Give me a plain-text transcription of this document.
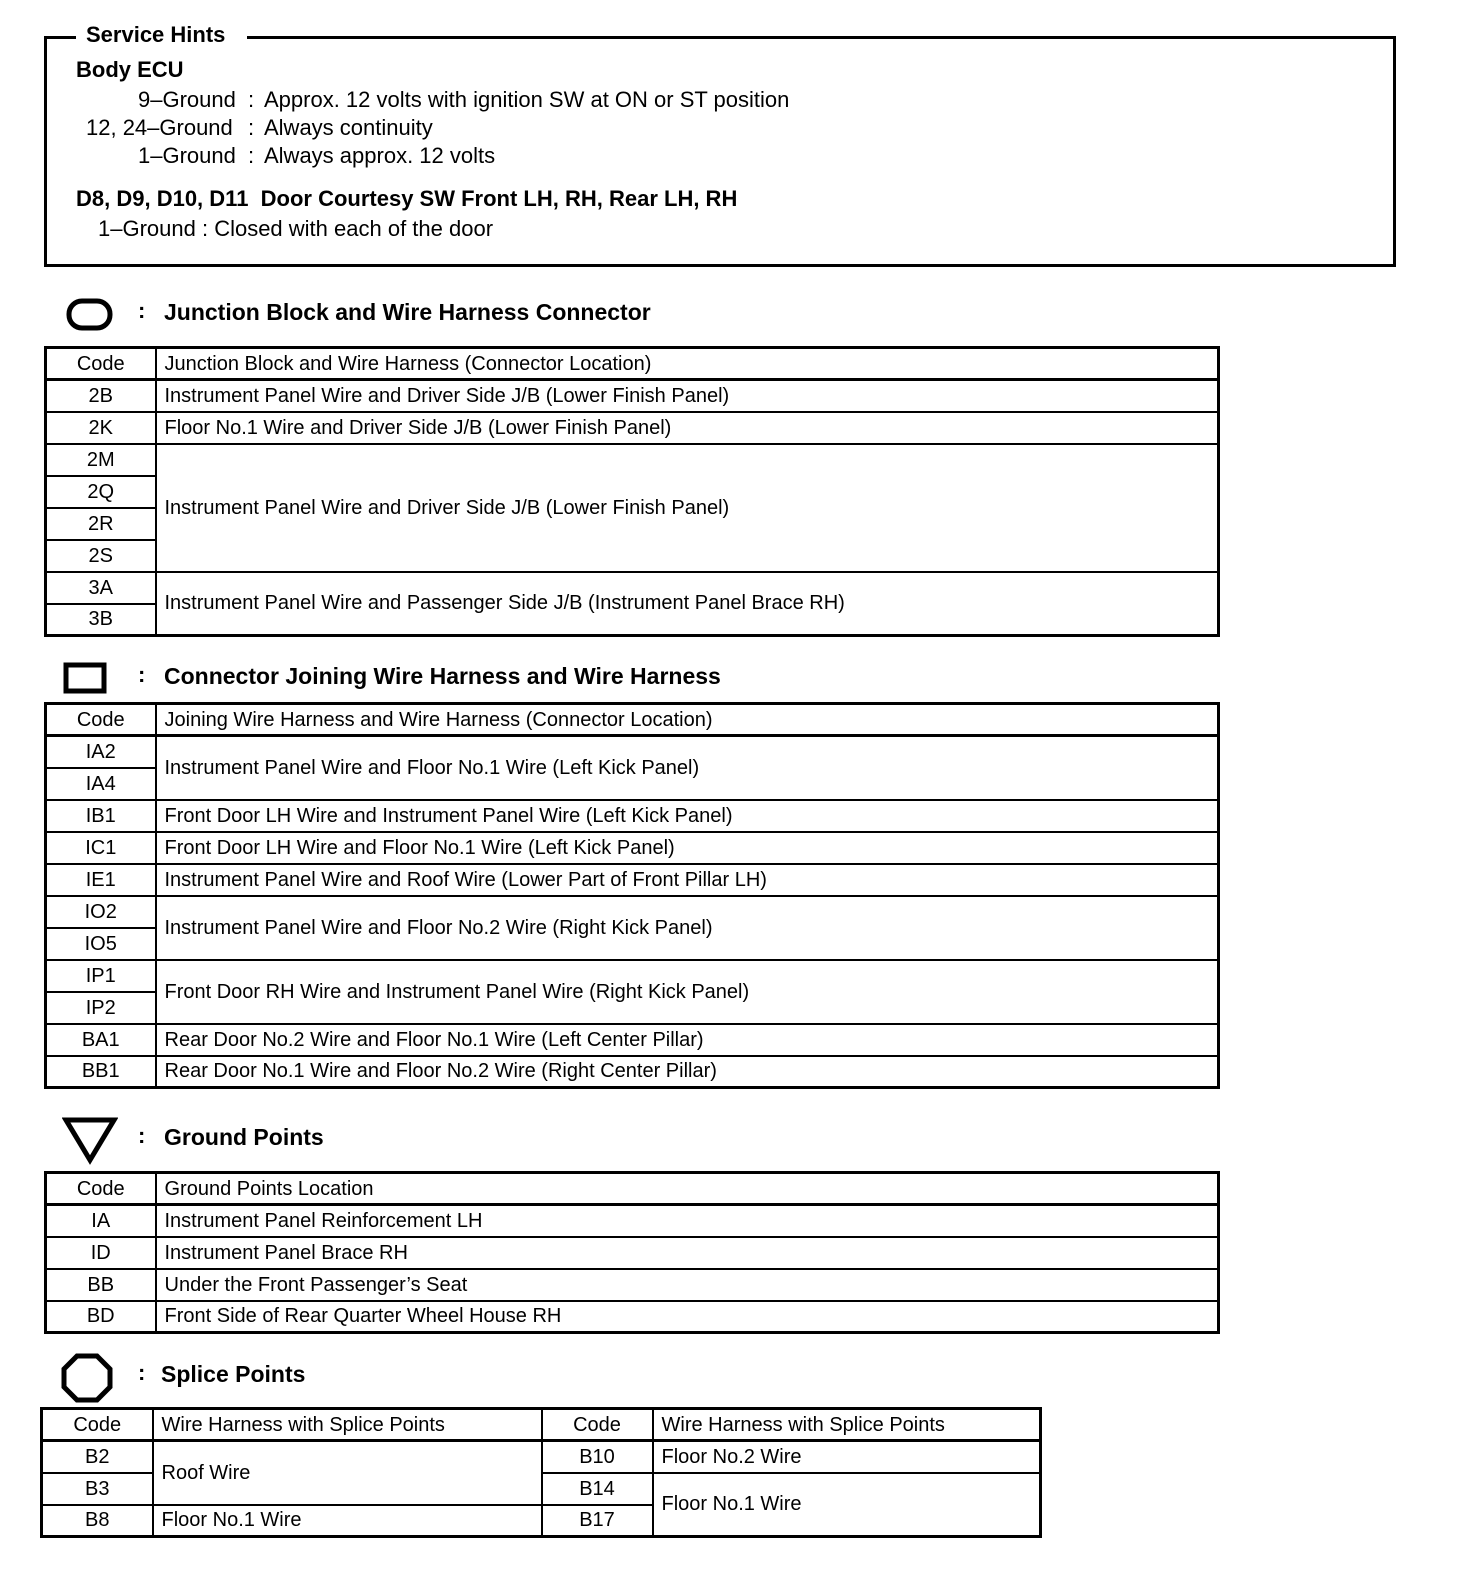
Service Hints
Body ECU
9–Ground : Approx. 12 volts with ignition SW at ON or ST position
12, 24–Ground : Always continuity
1–Ground : Always approx. 12 volts
D8, D9, D10, D11  Door Courtesy SW Front LH, RH, Rear LH, RH
1–Ground : Closed with each of the door
: Junction Block and Wire Harness Connector
Code	Junction Block and Wire Harness (Connector Location)
2B	Instrument Panel Wire and Driver Side J/B (Lower Finish Panel)
2K	Floor No.1 Wire and Driver Side J/B (Lower Finish Panel)
2M	Instrument Panel Wire and Driver Side J/B (Lower Finish Panel)
2Q	
2R	
2S	
3A	Instrument Panel Wire and Passenger Side J/B (Instrument Panel Brace RH)
3B	
: Connector Joining Wire Harness and Wire Harness
Code	Joining Wire Harness and Wire Harness (Connector Location)
IA2	Instrument Panel Wire and Floor No.1 Wire (Left Kick Panel)
IA4	
IB1	Front Door LH Wire and Instrument Panel Wire (Left Kick Panel)
IC1	Front Door LH Wire and Floor No.1 Wire (Left Kick Panel)
IE1	Instrument Panel Wire and Roof Wire (Lower Part of Front Pillar LH)
IO2	Instrument Panel Wire and Floor No.2 Wire (Right Kick Panel)
IO5	
IP1	Front Door RH Wire and Instrument Panel Wire (Right Kick Panel)
IP2	
BA1	Rear Door No.2 Wire and Floor No.1 Wire (Left Center Pillar)
BB1	Rear Door No.1 Wire and Floor No.2 Wire (Right Center Pillar)
: Ground Points
Code	Ground Points Location
IA	Instrument Panel Reinforcement LH
ID	Instrument Panel Brace RH
BB	Under the Front Passenger’s Seat
BD	Front Side of Rear Quarter Wheel House RH
: Splice Points
Code	Wire Harness with Splice Points	Code	Wire Harness with Splice Points
B2	Roof Wire	B10	Floor No.2 Wire
B3		B14	Floor No.1 Wire
B8	Floor No.1 Wire	B17	
